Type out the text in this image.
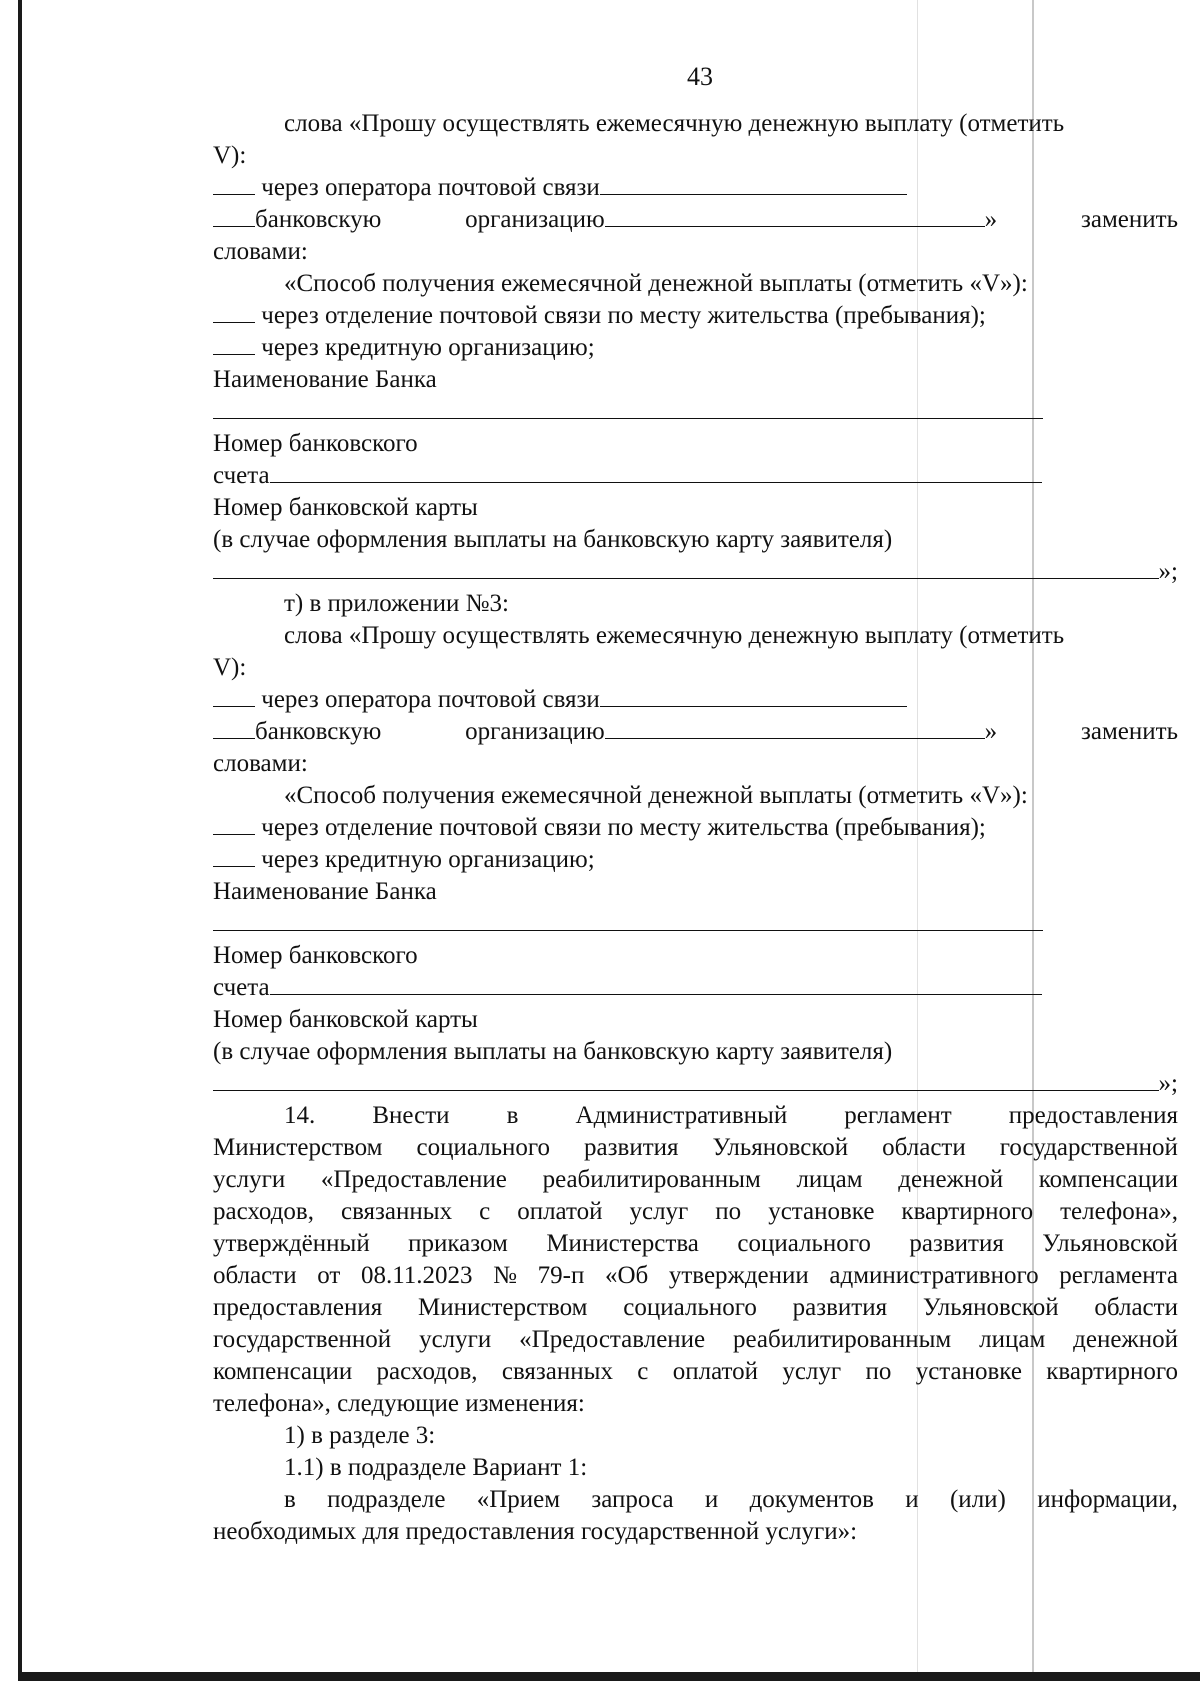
43
слова «Прошу осуществлять ежемесячную денежную выплату (отметить
V):
через оператора почтовой связи
банковскую	организацию	»	заменить
словами:
«Способ получения ежемесячной денежной выплаты (отметить «V»):
через отделение почтовой связи по месту жительства (пребывания);
через кредитную организацию;
Наименование Банка
Номер банковского
счета
Номер банковской карты
(в случае оформления выплаты на банковскую карту заявителя)
»;
т) в приложении №3:
слова «Прошу осуществлять ежемесячную денежную выплату (отметить
V):
через оператора почтовой связи
банковскую	организацию	»	заменить
словами:
«Способ получения ежемесячной денежной выплаты (отметить «V»):
через отделение почтовой связи по месту жительства (пребывания);
через кредитную организацию;
Наименование Банка
Номер банковского
счета
Номер банковской карты
(в случае оформления выплаты на банковскую карту заявителя)
»;
14. Внести в Административный регламент предоставления
Министерством социального развития Ульяновской области государственной
услуги «Предоставление реабилитированным лицам денежной компенсации
расходов, связанных с оплатой услуг по установке квартирного телефона»,
утверждённый приказом Министерства социального развития Ульяновской
области от 08.11.2023 № 79-п «Об утверждении административного регламента
предоставления Министерством социального развития Ульяновской области
государственной услуги «Предоставление реабилитированным лицам денежной
компенсации расходов, связанных с оплатой услуг по установке квартирного
телефона», следующие изменения:
1) в разделе 3:
1.1) в подразделе Вариант 1:
в подразделе «Прием запроса и документов и (или) информации,
необходимых для предоставления государственной услуги»:
